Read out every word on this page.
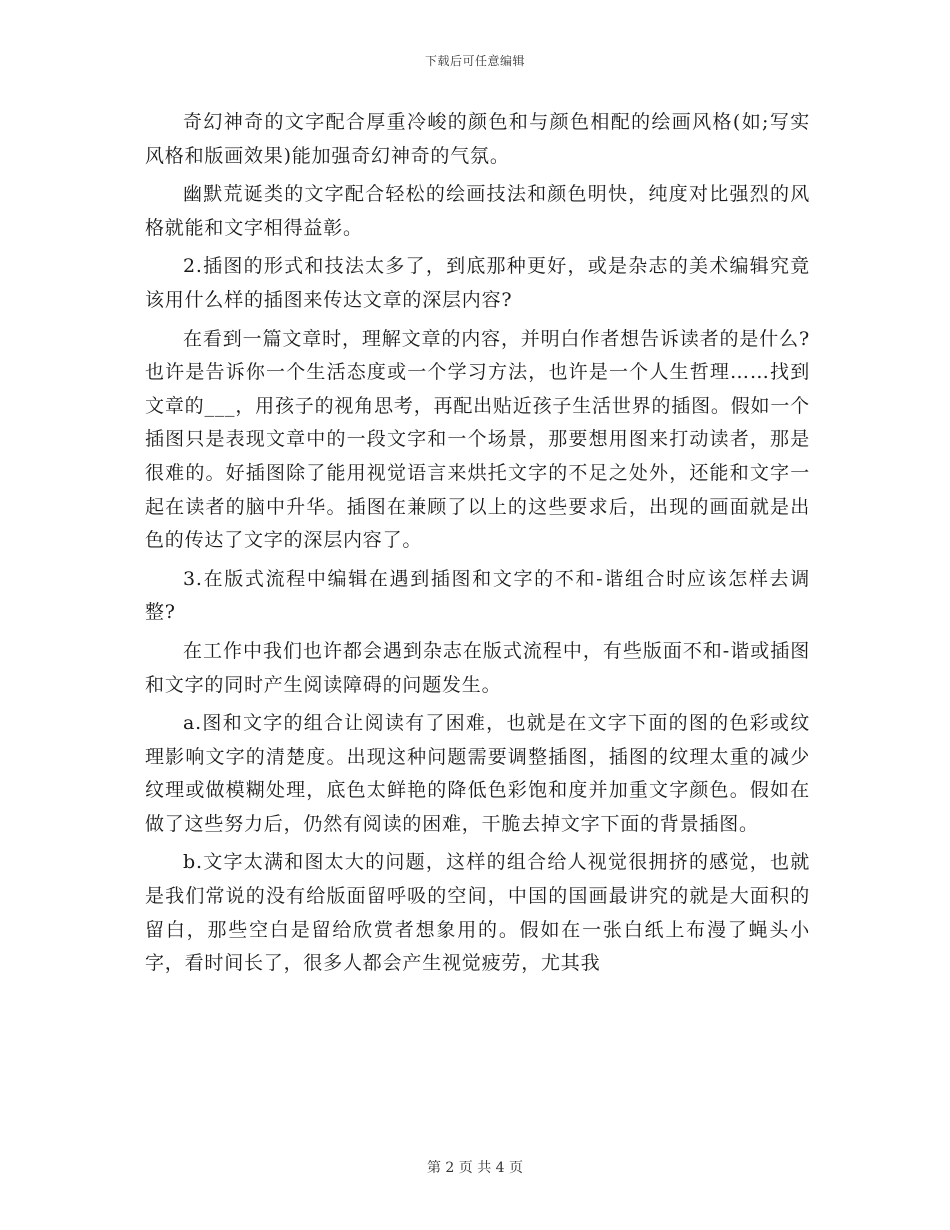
下载后可任意编辑

奇幻神奇的文字配合厚重冷峻的颜色和与颜色相配的绘画风格(如;写实风格和版画效果)能加强奇幻神奇的气氛。

幽默荒诞类的文字配合轻松的绘画技法和颜色明快，纯度对比强烈的风格就能和文字相得益彰。

2.插图的形式和技法太多了，到底那种更好，或是杂志的美术编辑究竟该用什么样的插图来传达文章的深层内容?

在看到一篇文章时，理解文章的内容，并明白作者想告诉读者的是什么?也许是告诉你一个生活态度或一个学习方法，也许是一个人生哲理……找到文章的___，用孩子的视角思考，再配出贴近孩子生活世界的插图。假如一个插图只是表现文章中的一段文字和一个场景，那要想用图来打动读者，那是很难的。好插图除了能用视觉语言来烘托文字的不足之处外，还能和文字一起在读者的脑中升华。插图在兼顾了以上的这些要求后，出现的画面就是出色的传达了文字的深层内容了。

3.在版式流程中编辑在遇到插图和文字的不和-谐组合时应该怎样去调整?

在工作中我们也许都会遇到杂志在版式流程中，有些版面不和-谐或插图和文字的同时产生阅读障碍的问题发生。

a.图和文字的组合让阅读有了困难，也就是在文字下面的图的色彩或纹理影响文字的清楚度。出现这种问题需要调整插图，插图的纹理太重的减少纹理或做模糊处理，底色太鲜艳的降低色彩饱和度并加重文字颜色。假如在做了这些努力后，仍然有阅读的困难，干脆去掉文字下面的背景插图。

b.文字太满和图太大的问题，这样的组合给人视觉很拥挤的感觉，也就是我们常说的没有给版面留呼吸的空间，中国的国画最讲究的就是大面积的留白，那些空白是留给欣赏者想象用的。假如在一张白纸上布漫了蝇头小字，看时间长了，很多人都会产生视觉疲劳，尤其我

第 2 页 共 4 页
